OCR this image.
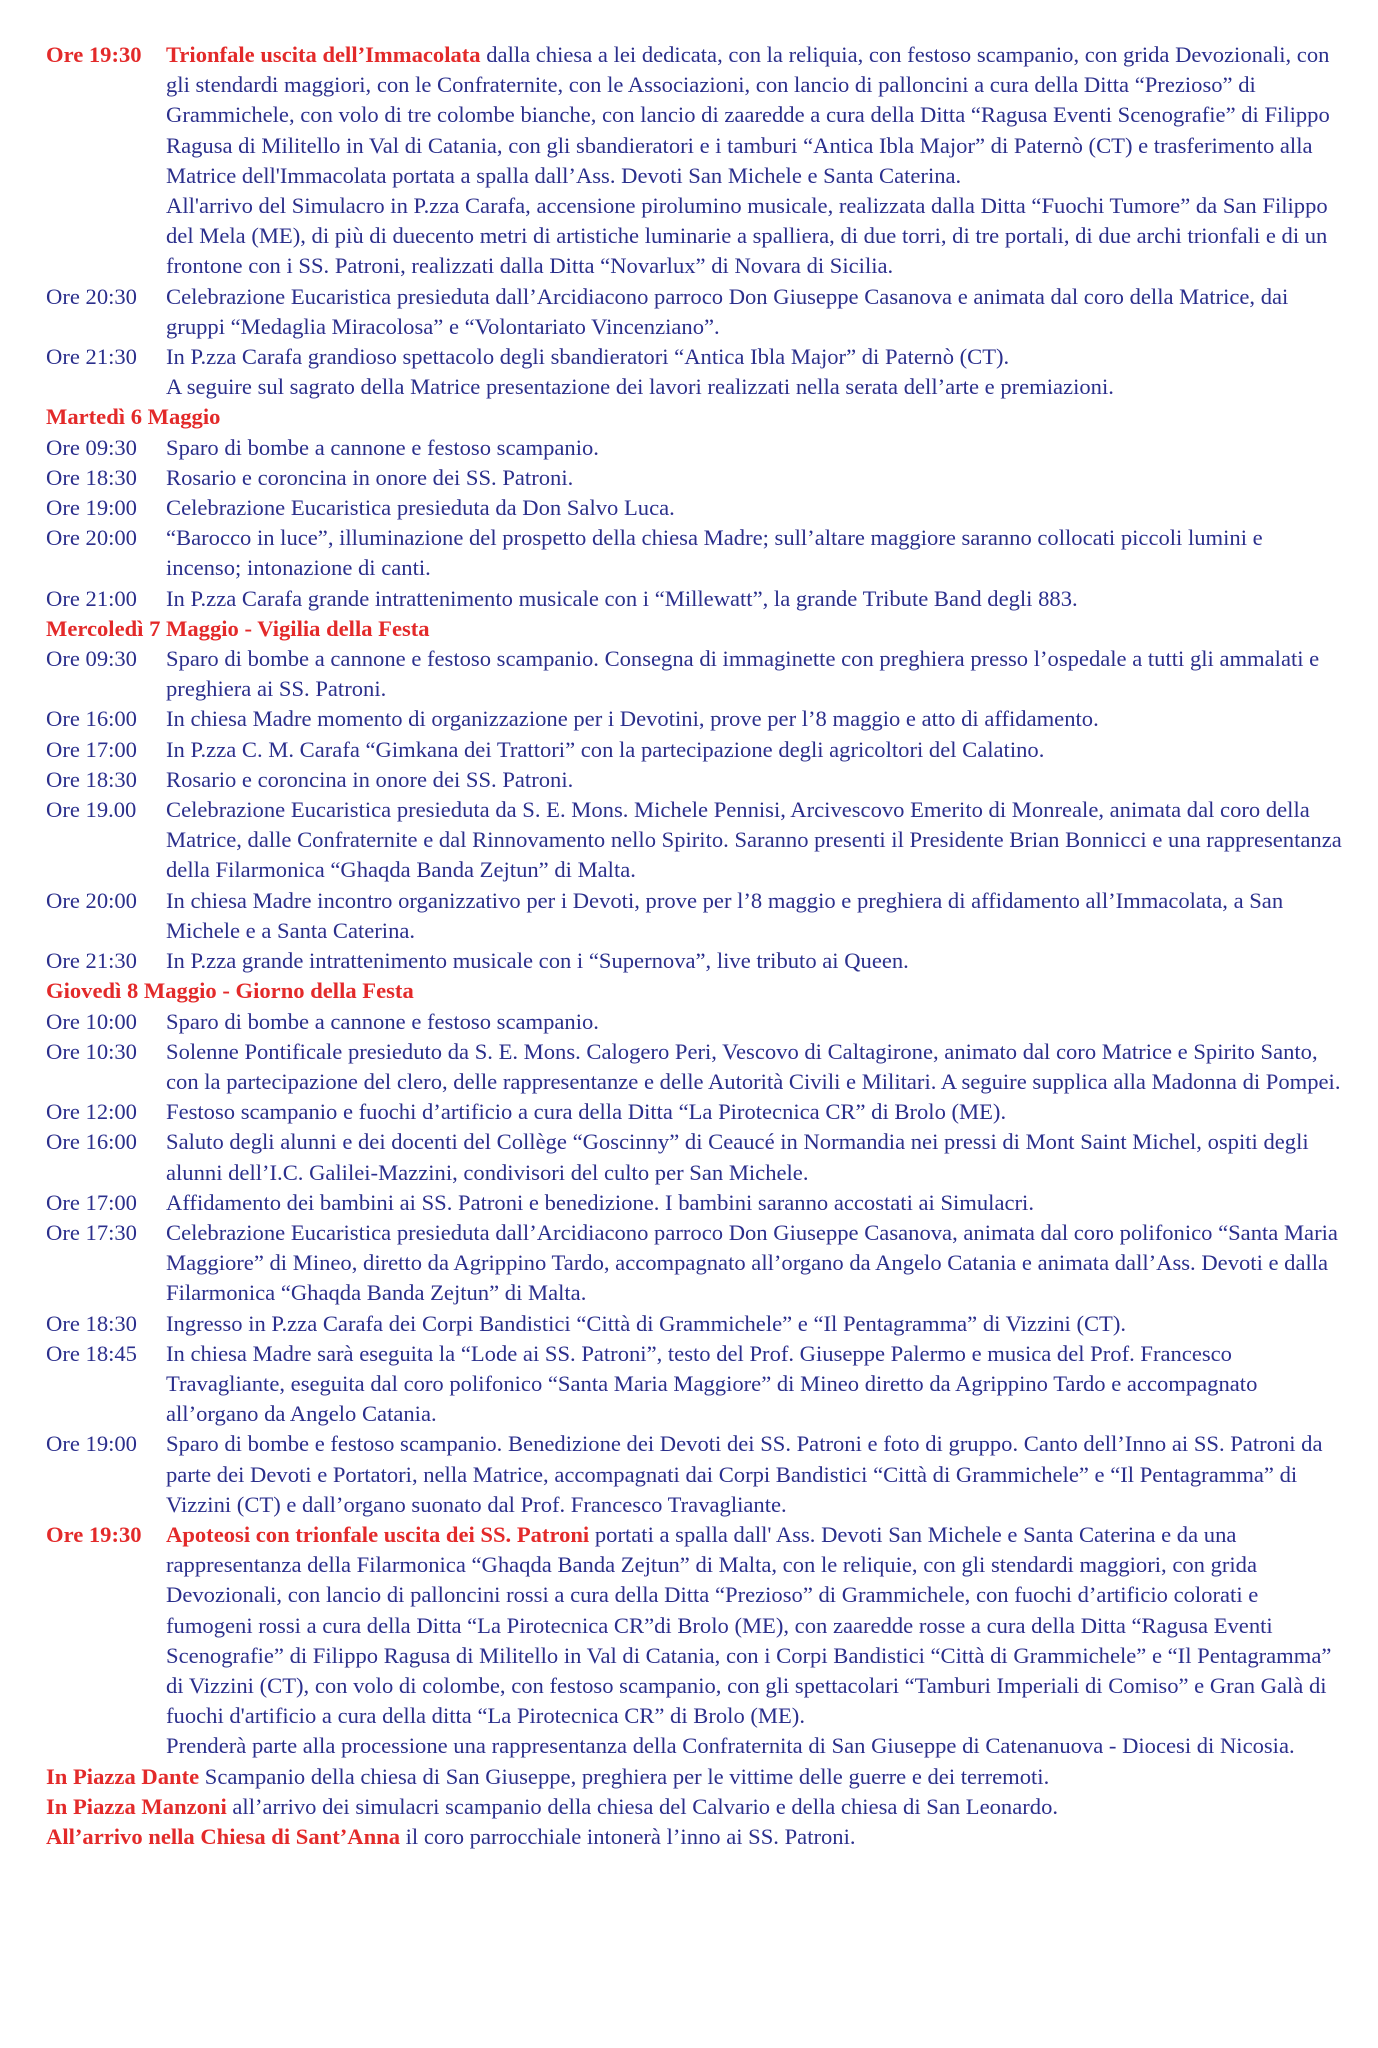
Ore 19:30	Trionfale uscita dell’Immacolata dalla chiesa a lei dedicata, con la reliquia, con festoso scampanio, con grida Devozionali, con gli stendardi maggiori, con le Confraternite, con le Associazioni, con lancio di palloncini a cura della Ditta “Prezioso” di Grammichele, con volo di tre colombe bianche, con lancio di zaaredde a cura della Ditta “Ragusa Eventi Scenografie” di Filippo Ragusa di Militello in Val di Catania, con gli sbandieratori e i tamburi “Antica Ibla Major” di Paternò (CT) e trasferimento alla Matrice dell'Immacolata portata a spalla dall’Ass. Devoti San Michele e Santa Caterina.
All'arrivo del Simulacro in P.zza Carafa, accensione pirolumino musicale, realizzata dalla Ditta “Fuochi Tumore” da San Filippo del Mela (ME), di più di duecento metri di artistiche luminarie a spalliera, di due torri, di tre portali, di due archi trionfali e di un frontone con i SS. Patroni, realizzati dalla Ditta “Novarlux” di Novara di Sicilia.
Ore 20:30	Celebrazione Eucaristica presieduta dall’Arcidiacono parroco Don Giuseppe Casanova e animata dal coro della Matrice, dai gruppi “Medaglia Miracolosa” e “Volontariato Vincenziano”.
Ore 21:30	In P.zza Carafa grandioso spettacolo degli sbandieratori “Antica Ibla Major” di Paternò (CT).
A seguire sul sagrato della Matrice presentazione dei lavori realizzati nella serata dell’arte e premiazioni.
Martedì 6 Maggio
Ore 09:30	Sparo di bombe a cannone e festoso scampanio.
Ore 18:30	Rosario e coroncina in onore dei SS. Patroni.
Ore 19:00	Celebrazione Eucaristica presieduta da Don Salvo Luca.
Ore 20:00	“Barocco in luce”, illuminazione del prospetto della chiesa Madre; sull’altare maggiore saranno collocati piccoli lumini e incenso; intonazione di canti.
Ore 21:00	In P.zza Carafa grande intrattenimento musicale con i “Millewatt”, la grande Tribute Band degli 883.
Mercoledì 7 Maggio - Vigilia della Festa
Ore 09:30	Sparo di bombe a cannone e festoso scampanio. Consegna di immaginette con preghiera presso l’ospedale a tutti gli ammalati e preghiera ai SS. Patroni.
Ore 16:00	In chiesa Madre momento di organizzazione per i Devotini, prove per l’8 maggio e atto di affidamento.
Ore 17:00	In P.zza C. M. Carafa “Gimkana dei Trattori” con la partecipazione degli agricoltori del Calatino.
Ore 18:30	Rosario e coroncina in onore dei SS. Patroni.
Ore 19.00	Celebrazione Eucaristica presieduta da S. E. Mons. Michele Pennisi, Arcivescovo Emerito di Monreale, animata dal coro della Matrice, dalle Confraternite e dal Rinnovamento nello Spirito. Saranno presenti il Presidente Brian Bonnicci e una rappresentanza della Filarmonica “Ghaqda Banda Zejtun” di Malta.
Ore 20:00	In chiesa Madre incontro organizzativo per i Devoti, prove per l’8 maggio e preghiera di affidamento all’Immacolata, a San Michele e a Santa Caterina.
Ore 21:30	In P.zza grande intrattenimento musicale con i “Supernova”, live tributo ai Queen.
Giovedì 8 Maggio - Giorno della Festa
Ore 10:00	Sparo di bombe a cannone e festoso scampanio.
Ore 10:30	Solenne Pontificale presieduto da S. E. Mons. Calogero Peri, Vescovo di Caltagirone, animato dal coro Matrice e Spirito Santo, con la partecipazione del clero, delle rappresentanze e delle Autorità Civili e Militari. A seguire supplica alla Madonna di Pompei.
Ore 12:00	Festoso scampanio e fuochi d’artificio a cura della Ditta “La Pirotecnica CR” di Brolo (ME).
Ore 16:00	Saluto degli alunni e dei docenti del Collège “Goscinny” di Ceaucé in Normandia nei pressi di Mont Saint Michel, ospiti degli alunni dell’I.C. Galilei-Mazzini, condivisori del culto per San Michele.
Ore 17:00	Affidamento dei bambini ai SS. Patroni e benedizione. I bambini saranno accostati ai Simulacri.
Ore 17:30	Celebrazione Eucaristica presieduta dall’Arcidiacono parroco Don Giuseppe Casanova, animata dal coro polifonico “Santa Maria Maggiore” di Mineo, diretto da Agrippino Tardo, accompagnato all’organo da Angelo Catania e animata dall’Ass. Devoti e dalla Filarmonica “Ghaqda Banda Zejtun” di Malta.
Ore 18:30	Ingresso in P.zza Carafa dei Corpi Bandistici “Città di Grammichele” e “Il Pentagramma” di Vizzini (CT).
Ore 18:45	In chiesa Madre sarà eseguita la “Lode ai SS. Patroni”, testo del Prof. Giuseppe Palermo e musica del Prof. Francesco Travagliante, eseguita dal coro polifonico “Santa Maria Maggiore” di Mineo diretto da Agrippino Tardo e accompagnato all’organo da Angelo Catania.
Ore 19:00	Sparo di bombe e festoso scampanio. Benedizione dei Devoti dei SS. Patroni e foto di gruppo. Canto dell’Inno ai SS. Patroni da parte dei Devoti e Portatori, nella Matrice, accompagnati dai Corpi Bandistici “Città di Grammichele” e “Il Pentagramma” di Vizzini (CT) e dall’organo suonato dal Prof. Francesco Travagliante.
Ore 19:30	Apoteosi con trionfale uscita dei SS. Patroni portati a spalla dall' Ass. Devoti San Michele e Santa Caterina e da una rappresentanza della Filarmonica “Ghaqda Banda Zejtun” di Malta, con le reliquie, con gli stendardi maggiori, con grida Devozionali, con lancio di palloncini rossi a cura della Ditta “Prezioso” di Grammichele, con fuochi d’artificio colorati e fumogeni rossi a cura della Ditta “La Pirotecnica CR”di Brolo (ME), con zaaredde rosse a cura della Ditta “Ragusa Eventi Scenografie” di Filippo Ragusa di Militello in Val di Catania, con i Corpi Bandistici “Città di Grammichele” e “Il Pentagramma” di Vizzini (CT), con volo di colombe, con festoso scampanio, con gli spettacolari “Tamburi Imperiali di Comiso” e Gran Galà di fuochi d'artificio a cura della ditta “La Pirotecnica CR” di Brolo (ME).
Prenderà parte alla processione una rappresentanza della Confraternita di San Giuseppe di Catenanuova - Diocesi di Nicosia.
In Piazza Dante Scampanio della chiesa di San Giuseppe, preghiera per le vittime delle guerre e dei terremoti.
In Piazza Manzoni all’arrivo dei simulacri scampanio della chiesa del Calvario e della chiesa di San Leonardo.
All’arrivo nella Chiesa di Sant’Anna il coro parrocchiale intonerà l’inno ai SS. Patroni.
